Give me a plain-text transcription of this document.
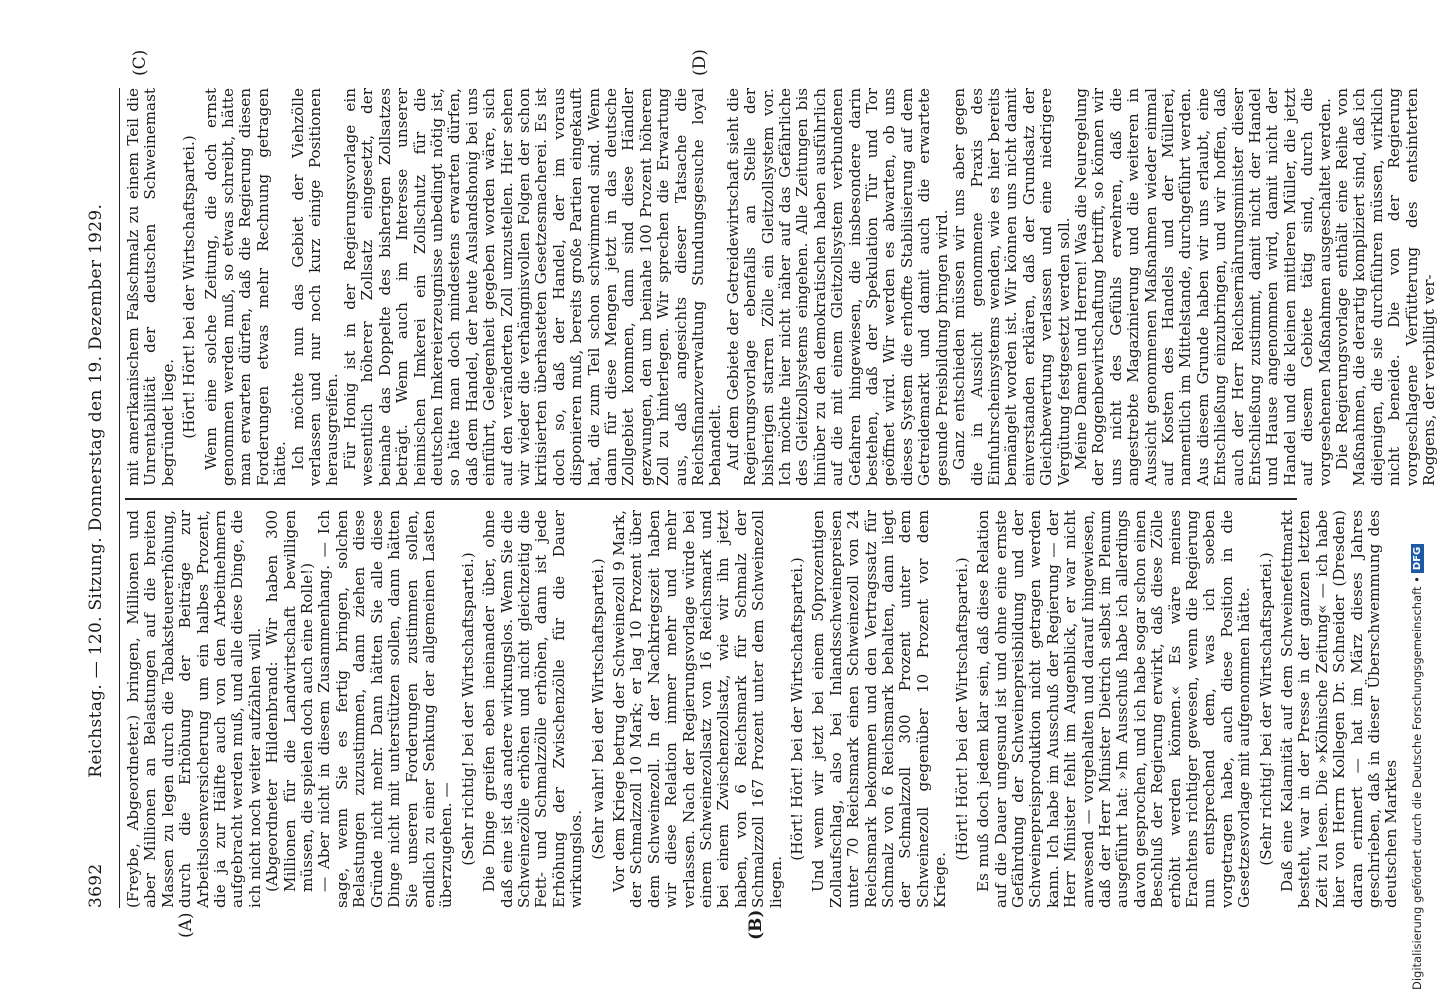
3692
Reichstag. — 120. Sitzung. Donnerstag den 19. Dezember 1929.
(A)	(B)
(C)	(D)

(Freybe, Abgeordneter.) bringen, Millionen und aber Millionen an Belastungen auf die breiten Massen zu legen durch die Tabaksteuererhöhung, durch die Erhöhung der Beiträge zur Arbeitslosenversicherung um ein halbes Prozent, die ja zur Hälfte auch von den Arbeitnehmern aufgebracht werden muß, und alle diese Dinge, die ich nicht noch weiter aufzählen will. (Abgeordneter Hildenbrand: Wir haben 300 Millionen für die Landwirtschaft bewilligen müssen, die spielen doch auch eine Rolle!) — Aber nicht in diesem Zusammenhang. — Ich sage, wenn Sie es fertig bringen, solchen Belastungen zuzustimmen, dann ziehen diese Gründe nicht mehr. Dann hätten Sie alle diese Dinge nicht mit unterstützen sollen, dann hätten Sie unseren Forderungen zustimmen sollen, endlich zu einer Senkung der allgemeinen Lasten überzugehen. — (Sehr richtig! bei der Wirtschaftspartei.) Die Dinge greifen eben ineinander über, ohne daß eine ist das andere wirkungslos. Wenn Sie die Schweinezölle erhöhen und nicht gleichzeitig die Fett- und Schmalzzölle erhöhen, dann ist jede Erhöhung der Zwischenzölle für die Dauer wirkungslos. (Sehr wahr! bei der Wirtschaftspartei.) Vor dem Kriege betrug der Schweinezoll 9 Mark, der Schmalzzoll 10 Mark; er lag 10 Prozent über dem Schweinezoll. In der Nachkriegszeit haben wir diese Relation immer mehr und mehr verlassen. Nach der Regierungsvorlage würde bei einem Schweinezollsatz von 16 Reichsmark und bei einem Zwischenzollsatz, wie wir ihn jetzt haben, von 6 Reichsmark für Schmalz der Schmalzzoll 167 Prozent unter dem Schweinezoll liegen.

(Hört! Hört! bei der Wirtschaftspartei.) Und wenn wir jetzt bei einem 50prozentigen Zollaufschlag, also bei Inlandsschweinepreisen unter 70 Reichsmark einen Schweinezoll von 24 Reichsmark bekommen und den Vertragssatz für Schmalz von 6 Reichsmark behalten, dann liegt der Schmalzzoll 300 Prozent unter dem Schweinezoll gegenüber 10 Prozent vor dem Kriege.

(Hört! Hört! bei der Wirtschaftspartei.) Es muß doch jedem klar sein, daß diese Relation auf die Dauer ungesund ist und ohne eine ernste Gefährdung der Schweinepreisbildung und der Schweinepreisproduktion nicht getragen werden kann. Ich habe im Ausschuß der Regierung — der Herr Minister fehlt im Augenblick, er war nicht anwesend — vorgehalten und darauf hingewiesen, daß der Herr Minister Dietrich selbst im Plenum ausgeführt hat: »Im Ausschuß habe ich allerdings davon gesprochen, und ich habe sogar schon einen Beschluß der Regierung erwirkt, daß diese Zölle erhöht werden können.« Es wäre meines Erachtens richtiger gewesen, wenn die Regierung nun entsprechend dem, was ich soeben vorgetragen habe, auch diese Position in die Gesetzesvorlage mit aufgenommen hätte. (Sehr richtig! bei der Wirtschaftspartei.) Daß eine Kalamität auf dem Schweinefettmarkt besteht, war in der Presse in der ganzen letzten Zeit zu lesen. Die »Kölnische Zeitung« — ich habe hier von Herrn Kollegen Dr. Schneider (Dresden) daran erinnert — hat im März dieses Jahres geschrieben, daß in dieser Überschwemmung des deutschen Marktes

mit amerikanischem Faßschmalz zu einem Teil die Unrentabilität der deutschen Schweinemast begründet liege. (Hört! Hört! bei der Wirtschaftspartei.) Wenn eine solche Zeitung, die doch ernst genommen werden muß, so etwas schreibt, hätte man erwarten dürfen, daß die Regierung diesen Forderungen etwas mehr Rechnung getragen hätte. Ich möchte nun das Gebiet der Viehzölle verlassen und nur noch kurz einige Positionen herausgreifen. Für Honig ist in der Regierungsvorlage ein wesentlich höherer Zollsatz eingesetzt, der beinahe das Doppelte des bisherigen Zollsatzes beträgt. Wenn auch im Interesse unserer heimischen Imkerei ein Zollschutz für die deutschen Imkereierzeugnisse unbedingt nötig ist, so hätte man doch mindestens erwarten dürfen, daß dem Handel, der heute Auslandshonig bei uns einführt, Gelegenheit gegeben worden wäre, sich auf den veränderten Zoll umzustellen. Hier sehen wir wieder die verhängnisvollen Folgen der schon kritisierten überhasteten Gesetzesmacherei. Es ist doch so, daß der Handel, der im voraus disponieren muß, bereits große Partien eingekauft hat, die zum Teil schon schwimmend sind. Wenn dann für diese Mengen jetzt in das deutsche Zollgebiet kommen, dann sind diese Händler gezwungen, den um beinahe 100 Prozent höheren Zoll zu hinterlegen. Wir sprechen die Erwartung aus, daß angesichts dieser Tatsache die Reichsfinanzverwaltung Stundungsgesuche loyal behandelt. Auf dem Gebiete der Getreidewirtschaft sieht die Regierungsvorlage ebenfalls an Stelle der bisherigen starren Zölle ein Gleitzollsystem vor. Ich möchte hier nicht näher auf das Gefährliche des Gleitzollsystems eingehen. Alle Zeitungen bis hinüber zu den demokratischen haben ausführlich auf die mit einem Gleitzollsystem verbundenen Gefahren hingewiesen, die insbesondere darin bestehen, daß der Spekulation Tür und Tor geöffnet wird. Wir werden es abwarten, ob uns dieses System die erhoffte Stabilisierung auf dem Getreidemarkt und damit auch die erwartete gesunde Preisbildung bringen wird. Ganz entschieden müssen wir uns aber gegen die in Aussicht genommene Praxis des Einfuhrscheinsystems wenden, wie es hier bereits bemängelt worden ist. Wir können uns nicht damit einverstanden erklären, daß der Grundsatz der Gleichbewertung verlassen und eine niedrigere Vergütung festgesetzt werden soll. Meine Damen und Herren! Was die Neuregelung der Roggenbewirtschaftung betrifft, so können wir uns nicht des Gefühls erwehren, daß die angestrebte Magazinierung und die weiteren in Aussicht genommenen Maßnahmen wieder einmal auf Kosten des Handels und der Müllerei, namentlich im Mittelstande, durchgeführt werden. Aus diesem Grunde haben wir uns erlaubt, eine Entschließung einzubringen, und wir hoffen, daß auch der Herr Reichsernährungsminister dieser Entschließung zustimmt, damit nicht der Handel und Hause angenommen wird, damit nicht der Handel und die kleinen mittleren Müller, die jetzt auf diesem Gebiete tätig sind, durch die vorgesehenen Maßnahmen ausgeschaltet werden. Die Regierungsvorlage enthält eine Reihe von Maßnahmen, die derartig kompliziert sind, daß ich diejenigen, die sie durchführen müssen, wirklich nicht beneide. Die von der Regierung vorgeschlagene Verfütterung des entsinterten Roggens, der verbilligt ver-

Digitalisierung gefördert durch die Deutsche Forschungsgemeinschaft •
DFG
